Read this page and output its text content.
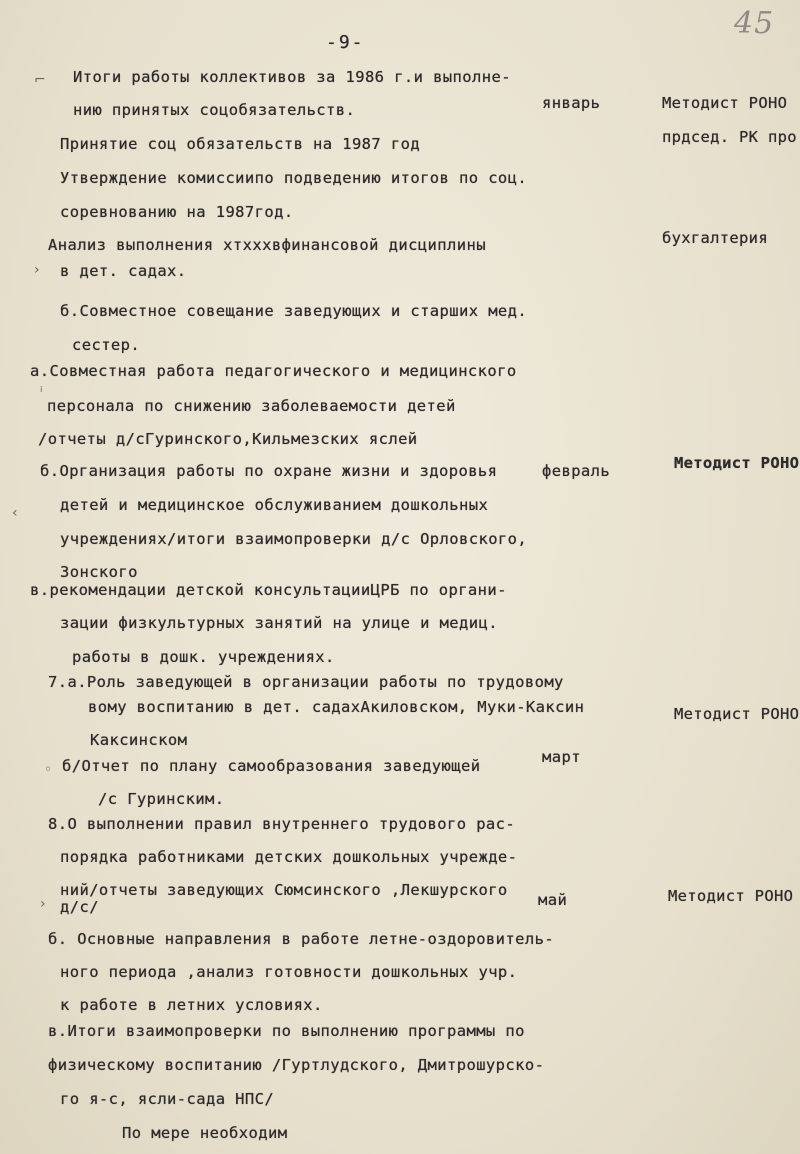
-9-
45
⌐
›
ᵢ
‹
◦
›
Итоги работы коллективов за 1986 г.и выполне-
нию принятых соцобязательств.
Принятие соц обязательств на 1987 год
Утверждение комиссиипо подведению итогов по соц.
соревнованию на 1987год.
Анализ выполнения xтxxxвфинансовой дисциплины
в дет. садах.
б.Совместное совещание заведующих и старших мед.
сестер.
а.Совместная работа педагогического и медицинского
персонала по снижению заболеваемости детей
/отчеты д/сГуринского,Кильмезских яслей
б.Организация работы по охране жизни и здоровья
детей и медицинское обслуживанием дошкольных
учреждениях/итоги взаимопроверки д/с Орловского,
Зонского
в.рекомендации детской консультацииЦРБ по органи-
зации физкультурных занятий на улице и медиц.
работы в дошк. учреждениях.
7.а.Роль заведующей в организации работы по трудовому
вому воспитанию в дет. садахАкиловском, Муки-Каксин
Каксинском
б/Отчет по плану самообразования заведующей
/с Гуринским.
8.О выполнении правил внутреннего трудового рас-
порядка работниками детских дошкольных учрежде-
ний/отчеты заведующих Сюмсинского ,Лекшурского
д/с/
б. Основные направления в работе летне-оздоровитель-
ного периода ,анализ готовности дошкольных учр.
к работе в летних условиях.
в.Итоги взаимопроверки по выполнению программы по
физическому воспитанию /Гуртлудского, Дмитрошурско-
го я-с, ясли-сада НПС/
По мере необходим
январь
февраль
март
май
Методист РОНО
прдсед. РК про
бухгалтерия
Методист РОНО
Методист РОНО
Методист РОНО
